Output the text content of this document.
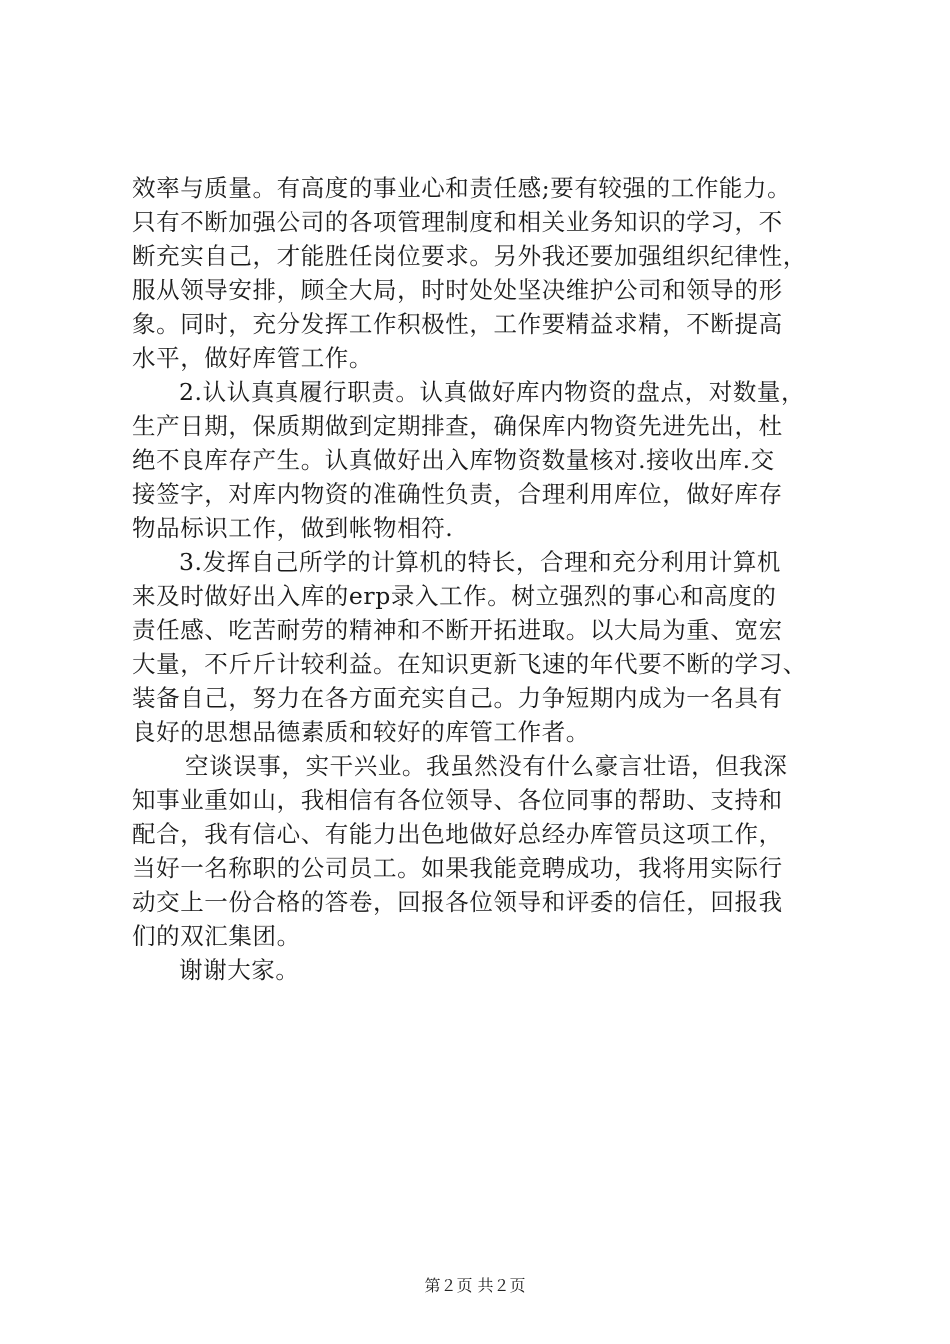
效率与质量。有高度的事业心和责任感;要有较强的工作能力。
只有不断加强公司的各项管理制度和相关业务知识的学习，不
断充实自己，才能胜任岗位要求。另外我还要加强组织纪律性，
服从领导安排，顾全大局，时时处处坚决维护公司和领导的形
象。同时，充分发挥工作积极性，工作要精益求精，不断提高
水平，做好库管工作。
2.认认真真履行职责。认真做好库内物资的盘点，对数量，
生产日期，保质期做到定期排查，确保库内物资先进先出，杜
绝不良库存产生。认真做好出入库物资数量核对.接收出库.交
接签字，对库内物资的准确性负责，合理利用库位，做好库存
物品标识工作，做到帐物相符.
3.发挥自己所学的计算机的特长，合理和充分利用计算机
来及时做好出入库的erp录入工作。树立强烈的事心和高度的
责任感、吃苦耐劳的精神和不断开拓进取。以大局为重、宽宏
大量，不斤斤计较利益。在知识更新飞速的年代要不断的学习、
装备自己，努力在各方面充实自己。力争短期内成为一名具有
良好的思想品德素质和较好的库管工作者。
空谈误事，实干兴业。我虽然没有什么豪言壮语，但我深
知事业重如山，我相信有各位领导、各位同事的帮助、支持和
配合，我有信心、有能力出色地做好总经办库管员这项工作，
当好一名称职的公司员工。如果我能竞聘成功，我将用实际行
动交上一份合格的答卷，回报各位领导和评委的信任，回报我
们的双汇集团。
谢谢大家。
第２页 共２页
